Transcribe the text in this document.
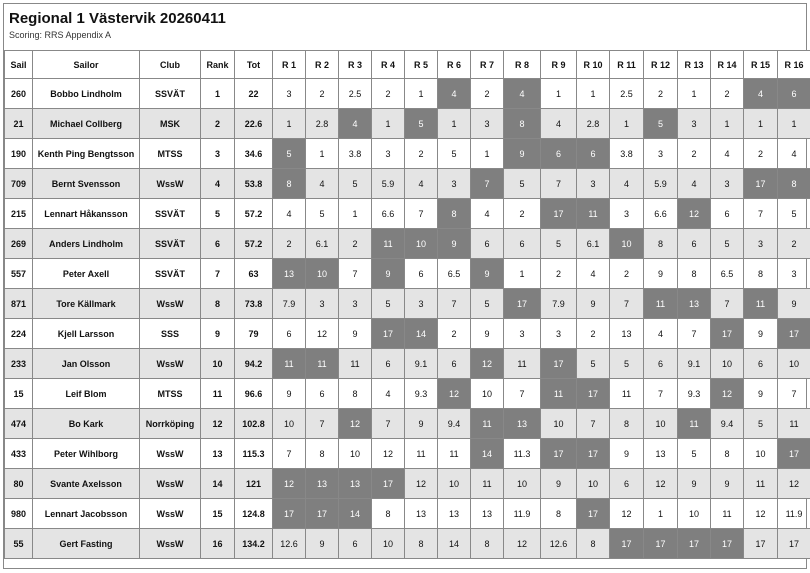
Regional 1 Västervik 20260411
Scoring: RRS Appendix A
Sail	Sailor	Club	Rank	Tot	R 1	R 2	R 3	R 4	R 5	R 6	R 7	R 8	R 9	R 10	R 11	R 12	R 13	R 14	R 15	R 16
260	Bobbo Lindholm	SSVÄT	1	22	3	2	2.5	2	1	4	2	4	1	1	2.5	2	1	2	4	6
21	Michael Collberg	MSK	2	22.6	1	2.8	4	1	5	1	3	8	4	2.8	1	5	3	1	1	1
190	Kenth Ping Bengtsson	MTSS	3	34.6	5	1	3.8	3	2	5	1	9	6	6	3.8	3	2	4	2	4
709	Bernt Svensson	WssW	4	53.8	8	4	5	5.9	4	3	7	5	7	3	4	5.9	4	3	17	8
215	Lennart Håkansson	SSVÄT	5	57.2	4	5	1	6.6	7	8	4	2	17	11	3	6.6	12	6	7	5
269	Anders Lindholm	SSVÄT	6	57.2	2	6.1	2	11	10	9	6	6	5	6.1	10	8	6	5	3	2
557	Peter Axell	SSVÄT	7	63	13	10	7	9	6	6.5	9	1	2	4	2	9	8	6.5	8	3
871	Tore Källmark	WssW	8	73.8	7.9	3	3	5	3	7	5	17	7.9	9	7	11	13	7	11	9
224	Kjell Larsson	SSS	9	79	6	12	9	17	14	2	9	3	3	2	13	4	7	17	9	17
233	Jan Olsson	WssW	10	94.2	11	11	11	6	9.1	6	12	11	17	5	5	6	9.1	10	6	10
15	Leif Blom	MTSS	11	96.6	9	6	8	4	9.3	12	10	7	11	17	11	7	9.3	12	9	7
474	Bo Kark	Norrköping	12	102.8	10	7	12	7	9	9.4	11	13	10	7	8	10	11	9.4	5	11
433	Peter Wihlborg	WssW	13	115.3	7	8	10	12	11	11	14	11.3	17	17	9	13	5	8	10	17
80	Svante Axelsson	WssW	14	121	12	13	13	17	12	10	11	10	9	10	6	12	9	9	11	12
980	Lennart Jacobsson	WssW	15	124.8	17	17	14	8	13	13	13	11.9	8	17	12	1	10	11	12	11.9
55	Gert Fasting	WssW	16	134.2	12.6	9	6	10	8	14	8	12	12.6	8	17	17	17	17	17	17
